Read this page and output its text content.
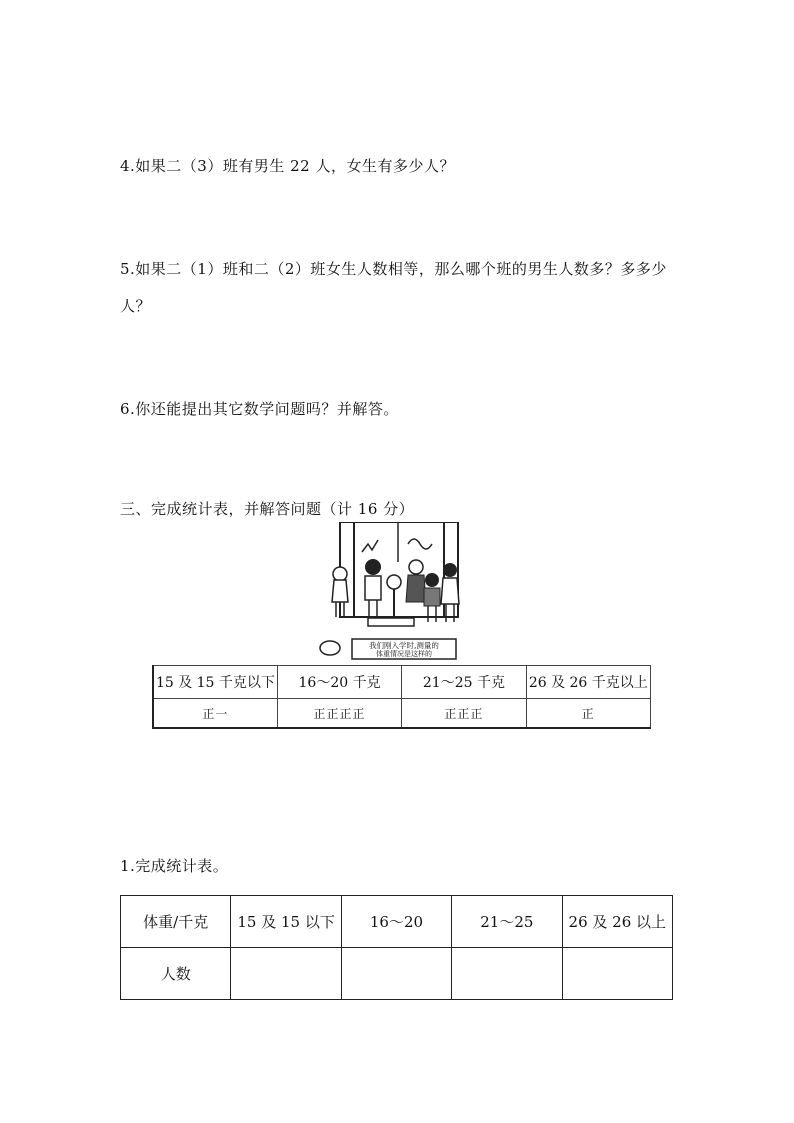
4.如果二（3）班有男生 22 人，女生有多少人？
5.如果二（1）班和二（2）班女生人数相等，那么哪个班的男生人数多？多多少
人？
6.你还能提出其它数学问题吗？并解答。
三、完成统计表，并解答问题（计 16 分）
我们刚入学时,测量的
体重情况是这样的
15 及 15 千克以下	16～20 千克	21～25 千克	26 及 26 千克以上
正一	正正正正	正正正	正
1.完成统计表。
体重/千克	15 及 15 以下	16～20	21～25	26 及 26 以上
人数				
